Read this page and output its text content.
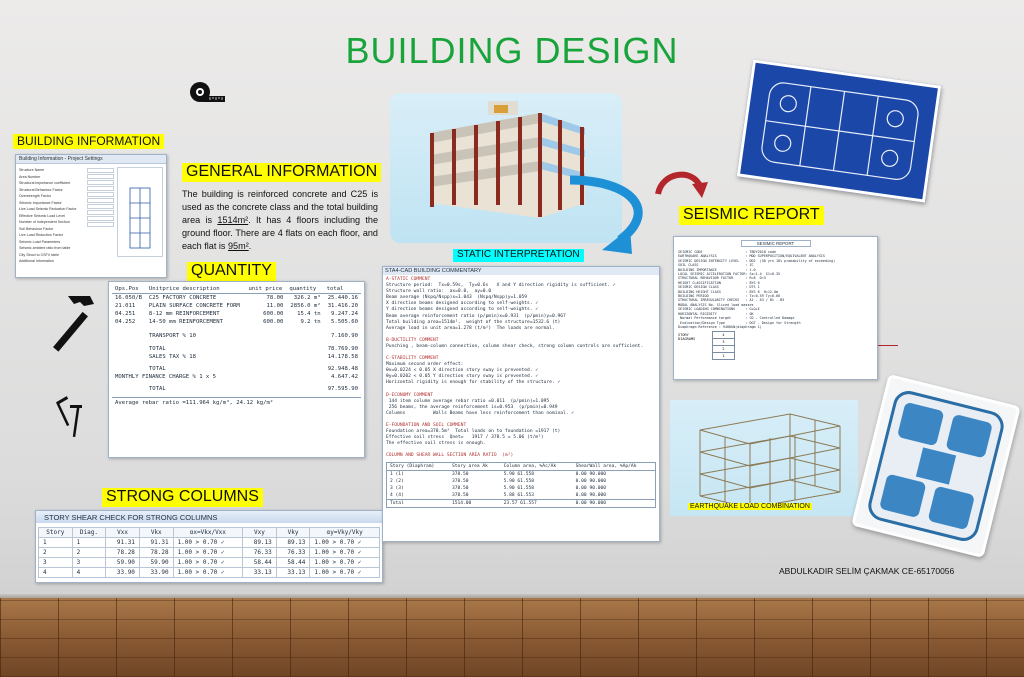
BUILDING DESIGN
BUILDING INFORMATION
Building Information - Project Settings
Structure Name
Area Number
Structural importance coefficient
Structural Behaviour Factor
Overstrength Factor
Seismic Importance Factor
Live Load Seismic Reduction Factor
Effective Seismic Load Level
Number of Independent Section
Soil Behaviour Factor
Live Load Reduction Factor
Seismic Load Parameters
Seismic ambient ratio from table
City Struct to CSFV table
Additional Information
GENERAL INFORMATION
The building is reinforced concrete and C25 is used as the concrete class and the total building area is 1514m². It has 4 floors including the ground floor. There are 4 flats on each floor, and each flat is 95m².
QUANTITY
Ops.Pos	Unitprice description	unit price	quantity	total
16.050/B	C25 FACTORY CONCRETE	78.00	326.2 m³	25.440.16
21.011	PLAIN SURFACE CONCRETE FORM	11.00	2856.0 m²	31.416.20
04.251	8-12 mm REINFORCEMENT	600.00	15.4 tn	9.247.24
04.252	14-50 mm REINFORCEMENT	600.00	9.2 tn	5.505.60

	TRANSPORT % 10			7.160.90

	TOTAL			78.769.90
	SALES TAX % 18			14.178.58

	TOTAL			92.948.48
MONTHLY FINANCE CHARGE % 1 x 5				4.647.42

	TOTAL			97.595.90
Average rebar ratio =111.964 kg/m³, 24.12 kg/m²
STRONG COLUMNS
STORY SHEAR CHECK FOR STRONG COLUMNS
Story	Diag.	Vxx	Vkx	αx=Vkx/Vxx	Vxy	Vky	αy=Vky/Vky
1	1	91.31	91.31	1.00 > 0.70 ✓	89.13	89.13	1.00 > 0.70 ✓
2	2	78.28	78.28	1.00 > 0.70 ✓	76.33	76.33	1.00 > 0.70 ✓
3	3	59.90	59.90	1.00 > 0.70 ✓	58.44	58.44	1.00 > 0.70 ✓
4	4	33.90	33.90	1.00 > 0.70 ✓	33.13	33.13	1.00 > 0.70 ✓
STATIC INTERPRETATION
STA4-CAD BUILDING COMMENTARY
A-STATIC COMMENT
Structure period:  Tx=0.59s,  Ty=0.6s   X and Y direction rigidity is sufficient. ✓
Structure wall ratio:  ax=0.0,  ay=0.0
Beam average (Nspq/Nspp)x=1.043  (Nspq/Nspp)y=1.059
X direction beams designed according to self-weights. ✓
Y direction beams designed according to self-weights. ✓
Beam average reinforcement ratio (p/pmin)x=0.931  (p/pmin)y=0.967
Total building area=1514m²,  weight of the structure=1532.6 (t)
Average load in unit area=1.278 (t/m²)  The loads are normal.
B-DUCTILITY COMMENT
Punching , beam-column connection, column shear check, strong column controls are sufficient.
C-STABILITY COMMENT
Maximum second order effect:
θx=0.0224 < 0.05 X direction story sway is prevented. ✓
θy=0.0202 < 0.05 Y direction story sway is prevented. ✓
Horizontal rigidity is enough for stability of the structure. ✓
D-ECONOMY COMMENT
144 item column average rebar ratio =0.011  (p/pmin)=1.095
256 beams, the average reinforcement is=0.953  (p/pmin)=0.949
Columns          Walls Beams have less reinforcement than nominal. ✓
E-FOUNDATION AND SOIL COMMENT
Foundation area=378.5m²  Total loads on to foundation =1917 (t)
Effective soil stress  Qnet=   1917 / 378.5 = 5.06 (t/m²)
The effective soil stress is enough.
COLUMN AND SHEAR WALL SECTION AREA RATIO  (m²)
Story (Diaphram)	Story area Ak	Column area, %Ac/Ak	ShearWall area, %Ap/Ak
1 (1)	378.50	5.90 61.558	0.00 90.000
2 (2)	378.50	5.90 61.558	0.00 90.000
3 (3)	378.50	5.90 61.558	0.00 90.000
4 (4)	378.50	5.88 61.553	0.00 90.000
Total	1514.00	23.57 61.557	0.00 90.000
SEISMIC REPORT
SEISMIC REPORT
SEISMIC CODE                     : TBDY2018 code
EARTHQUAKE ANALYSIS              : MOD SUPERPOSITION/EQUIVALENT ANALYSIS
SEISMIC DESIGN INTENSITY LEVEL   : DD2  (50 yrs 10% probability of exceeding)
SOIL CLASS                       : ZC
BUILDING IMPORTANCE              : 1.0
LOCAL SEISMIC ACCELERATION FACTOR: Ss=1.4  S1=0.35
STRUCTURAL BEHAVIOUR FACTOR      : R=8  D=3
HEIGHT CLASSIFICATION            : BYS 6
SEISMIC DESIGN CLASS             : DTS 1
BUILDING HEIGHT CLASS            : BYS 6  H=12.0m
BUILDING PERIOD                  : Tx=0.59 Ty=0.60
STRUCTURAL IRREGULARITY CHECKS   : A1 - A3 / B1 - B3
MODAL ANALYSIS No. Sliced load masses
SEISMIC LOADING COMBINATIONS     : G+Q+E
HORIZONTAL RIGIDITY              : OK
Normal Performance target       : CD - Controlled Damage
Evaluation/Design Type          : DGT - Design for Strength
Diaphragm Reference : 9400kN(diaphragm 1)
STORY DIAGRAMS
4
3
2
1
EARTHQUAKE LOAD COMBINATION
ABDULKADIR SELİM ÇAKMAK CE-65170056
